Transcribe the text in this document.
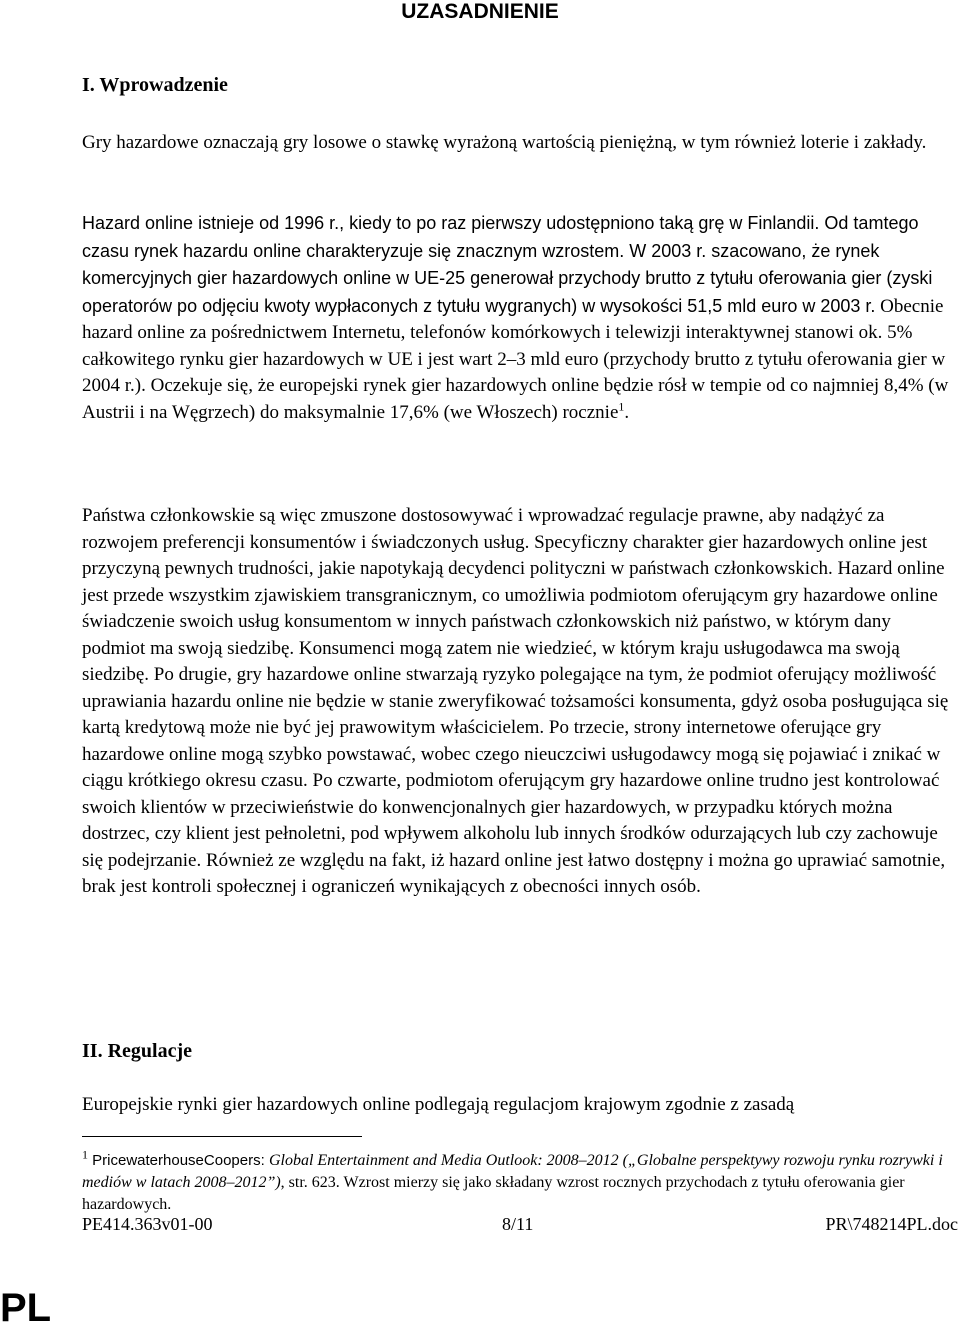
UZASADNIENIE
I. Wprowadzenie

Gry hazardowe oznaczają gry losowe o stawkę wyrażoną wartością pieniężną, w tym również loterie i zakłady.

Hazard online istnieje od 1996 r., kiedy to po raz pierwszy udostępniono taką grę w Finlandii. Od tamtego czasu rynek hazardu online charakteryzuje się znacznym wzrostem. W 2003 r. szacowano, że rynek komercyjnych gier hazardowych online w UE-25 generował przychody brutto z tytułu oferowania gier (zyski operatorów po odjęciu kwoty wypłaconych z tytułu wygranych) w wysokości 51,5 mld euro w 2003 r. Obecnie hazard online za pośrednictwem Internetu, telefonów komórkowych i telewizji interaktywnej stanowi ok. 5% całkowitego rynku gier hazardowych w UE i jest wart 2–3 mld euro (przychody brutto z tytułu oferowania gier w 2004 r.). Oczekuje się, że europejski rynek gier hazardowych online będzie rósł w tempie od co najmniej 8,4% (w Austrii i na Węgrzech) do maksymalnie 17,6% (we Włoszech) rocznie$^1$.

Państwa członkowskie są więc zmuszone dostosowywać i wprowadzać regulacje prawne, aby nadążyć za rozwojem preferencji konsumentów i świadczonych usług. Specyficzny charakter gier hazardowych online jest przyczyną pewnych trudności, jakie napotykają decydenci polityczni w państwach członkowskich. Hazard online jest przede wszystkim zjawiskiem transgranicznym, co umożliwia podmiotom oferującym gry hazardowe online świadczenie swoich usług konsumentom w innych państwach członkowskich niż państwo, w którym dany podmiot ma swoją siedzibę. Konsumenci mogą zatem nie wiedzieć, w którym kraju usługodawca ma swoją siedzibę. Po drugie, gry hazardowe online stwarzają ryzyko polegające na tym, że podmiot oferujący możliwość uprawiania hazardu online nie będzie w stanie zweryfikować tożsamości konsumenta, gdyż osoba posługująca się kartą kredytową może nie być jej prawowitym właścicielem. Po trzecie, strony internetowe oferujące gry hazardowe online mogą szybko powstawać, wobec czego nieuczciwi usługodawcy mogą się pojawiać i znikać w ciągu krótkiego okresu czasu. Po czwarte, podmiotom oferującym gry hazardowe online trudno jest kontrolować swoich klientów w przeciwieństwie do konwencjonalnych gier hazardowych, w przypadku których można dostrzec, czy klient jest pełnoletni, pod wpływem alkoholu lub innych środków odurzających lub czy zachowuje się podejrzanie. Również ze względu na fakt, iż hazard online jest łatwo dostępny i można go uprawiać samotnie, brak jest kontroli społecznej i ograniczeń wynikających z obecności innych osób.

II. Regulacje

Europejskie rynki gier hazardowych online podlegają regulacjom krajowym zgodnie z zasadą

$^1$ PricewaterhouseCoopers: Global Entertainment and Media Outlook: 2008–2012 („Globalne perspektywy rozwoju rynku rozrywki i mediów w latach 2008–2012”), str. 623. Wzrost mierzy się jako składany wzrost rocznych przychodach z tytułu oferowania gier hazardowych.

PE414.363v01-00	8/11	PR\748214PL.doc
PL
